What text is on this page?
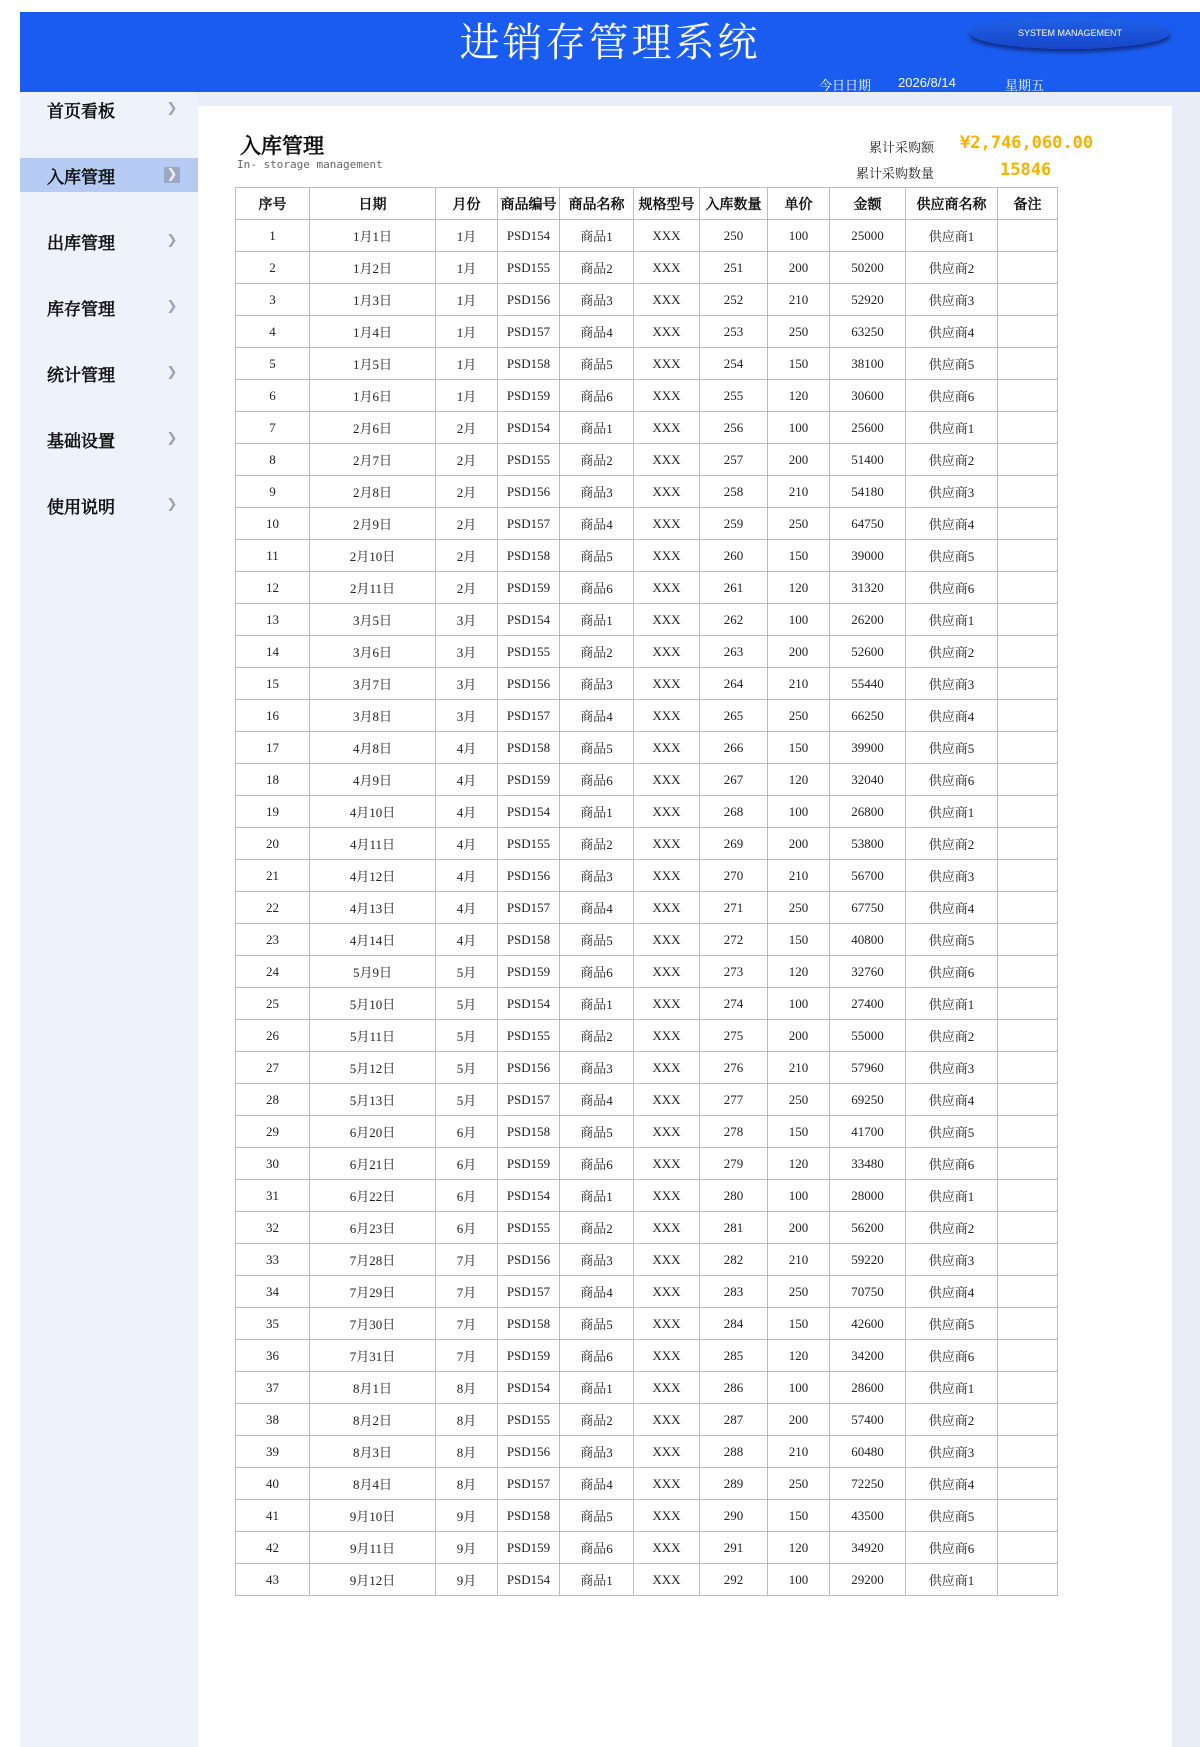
进销存管理系统	SYSTEM MANAGEMENT
今日日期 2026/8/14	星期五
首页看板	❯
入库管理	❯
出库管理	❯
库存管理	❯
统计管理	❯
基础设置	❯
使用说明	❯
入库管理
In- storage management
累计采购额 ¥2,746,060.00
累计采购数量	15846
序号	日期	月份	商品编号	商品名称	规格型号	入库数量	单价	金额	供应商名称	备注
1	1月1日	1月	PSD154	商品1	XXX	250	100	25000	供应商1	
2	1月2日	1月	PSD155	商品2	XXX	251	200	50200	供应商2	
3	1月3日	1月	PSD156	商品3	XXX	252	210	52920	供应商3	
4	1月4日	1月	PSD157	商品4	XXX	253	250	63250	供应商4	
5	1月5日	1月	PSD158	商品5	XXX	254	150	38100	供应商5	
6	1月6日	1月	PSD159	商品6	XXX	255	120	30600	供应商6	
7	2月6日	2月	PSD154	商品1	XXX	256	100	25600	供应商1	
8	2月7日	2月	PSD155	商品2	XXX	257	200	51400	供应商2	
9	2月8日	2月	PSD156	商品3	XXX	258	210	54180	供应商3	
10	2月9日	2月	PSD157	商品4	XXX	259	250	64750	供应商4	
11	2月10日	2月	PSD158	商品5	XXX	260	150	39000	供应商5	
12	2月11日	2月	PSD159	商品6	XXX	261	120	31320	供应商6	
13	3月5日	3月	PSD154	商品1	XXX	262	100	26200	供应商1	
14	3月6日	3月	PSD155	商品2	XXX	263	200	52600	供应商2	
15	3月7日	3月	PSD156	商品3	XXX	264	210	55440	供应商3	
16	3月8日	3月	PSD157	商品4	XXX	265	250	66250	供应商4	
17	4月8日	4月	PSD158	商品5	XXX	266	150	39900	供应商5	
18	4月9日	4月	PSD159	商品6	XXX	267	120	32040	供应商6	
19	4月10日	4月	PSD154	商品1	XXX	268	100	26800	供应商1	
20	4月11日	4月	PSD155	商品2	XXX	269	200	53800	供应商2	
21	4月12日	4月	PSD156	商品3	XXX	270	210	56700	供应商3	
22	4月13日	4月	PSD157	商品4	XXX	271	250	67750	供应商4	
23	4月14日	4月	PSD158	商品5	XXX	272	150	40800	供应商5	
24	5月9日	5月	PSD159	商品6	XXX	273	120	32760	供应商6	
25	5月10日	5月	PSD154	商品1	XXX	274	100	27400	供应商1	
26	5月11日	5月	PSD155	商品2	XXX	275	200	55000	供应商2	
27	5月12日	5月	PSD156	商品3	XXX	276	210	57960	供应商3	
28	5月13日	5月	PSD157	商品4	XXX	277	250	69250	供应商4	
29	6月20日	6月	PSD158	商品5	XXX	278	150	41700	供应商5	
30	6月21日	6月	PSD159	商品6	XXX	279	120	33480	供应商6	
31	6月22日	6月	PSD154	商品1	XXX	280	100	28000	供应商1	
32	6月23日	6月	PSD155	商品2	XXX	281	200	56200	供应商2	
33	7月28日	7月	PSD156	商品3	XXX	282	210	59220	供应商3	
34	7月29日	7月	PSD157	商品4	XXX	283	250	70750	供应商4	
35	7月30日	7月	PSD158	商品5	XXX	284	150	42600	供应商5	
36	7月31日	7月	PSD159	商品6	XXX	285	120	34200	供应商6	
37	8月1日	8月	PSD154	商品1	XXX	286	100	28600	供应商1	
38	8月2日	8月	PSD155	商品2	XXX	287	200	57400	供应商2	
39	8月3日	8月	PSD156	商品3	XXX	288	210	60480	供应商3	
40	8月4日	8月	PSD157	商品4	XXX	289	250	72250	供应商4	
41	9月10日	9月	PSD158	商品5	XXX	290	150	43500	供应商5	
42	9月11日	9月	PSD159	商品6	XXX	291	120	34920	供应商6	
43	9月12日	9月	PSD154	商品1	XXX	292	100	29200	供应商1	
